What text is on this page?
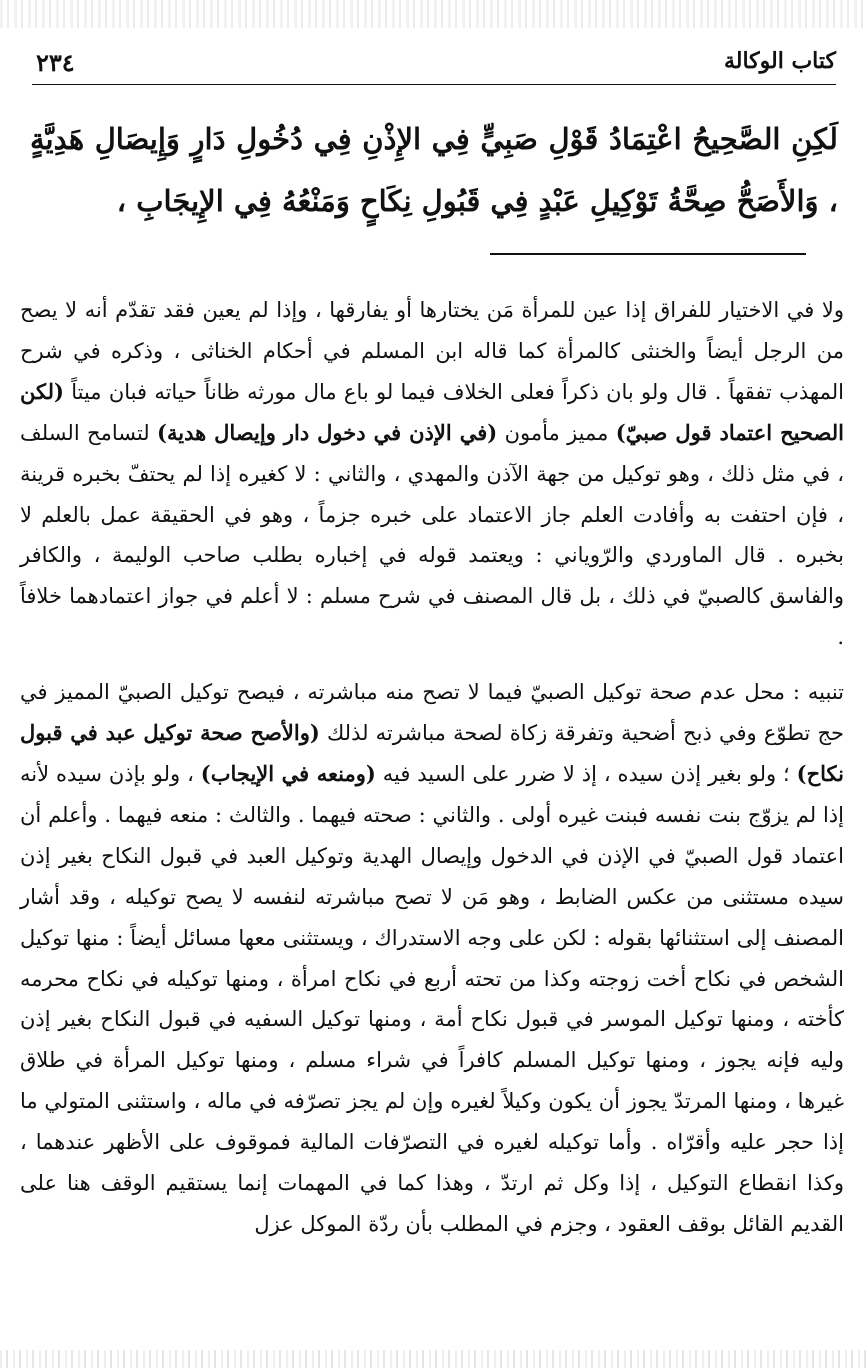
كتاب الوكالة
٢٣٤
لَكِنِ الصَّحِيحُ اعْتِمَادُ قَوْلِ صَبِيٍّ فِي الإِذْنِ فِي دُخُولِ دَارٍ وَإِيصَالِ هَدِيَّةٍ ، وَالأَصَحُّ صِحَّةُ تَوْكِيلِ عَبْدٍ فِي قَبُولِ نِكَاحٍ وَمَنْعُهُ فِي الإِيجَابِ ،

ولا في الاختيار للفراق إذا عين للمرأة مَن يختارها أو يفارقها ، وإذا لم يعين فقد تقدّم أنه لا يصح من الرجل أيضاً والخنثى كالمرأة كما قاله ابن المسلم في أحكام الخناثى ، وذكره في شرح المهذب تفقهاً . قال ولو بان ذكراً فعلى الخلاف فيما لو باع مال مورثه ظاناً حياته فبان ميتاً (لكن الصحيح اعتماد قول صبيّ) مميز مأمون (في الإذن في دخول دار وإيصال هدية) لتسامح السلف ، في مثل ذلك ، وهو توكيل من جهة الآذن والمهدي ، والثاني : لا كغيره إذا لم يحتفّ بخبره قرينة ، فإن احتفت به وأفادت العلم جاز الاعتماد على خبره جزماً ، وهو في الحقيقة عمل بالعلم لا بخبره . قال الماوردي والرّوياني : ويعتمد قوله في إخباره بطلب صاحب الوليمة ، والكافر والفاسق كالصبيّ في ذلك ، بل قال المصنف في شرح مسلم : لا أعلم في جواز اعتمادهما خلافاً .

تنبيه : محل عدم صحة توكيل الصبيّ فيما لا تصح منه مباشرته ، فيصح توكيل الصبيّ المميز في حج تطوّع وفي ذبح أضحية وتفرقة زكاة لصحة مباشرته لذلك (والأصح صحة توكيل عبد في قبول نكاح) ؛ ولو بغير إذن سيده ، إذ لا ضرر على السيد فيه (ومنعه في الإيجاب) ، ولو بإذن سيده لأنه إذا لم يزوّج بنت نفسه فبنت غيره أولى . والثاني : صحته فيهما . والثالث : منعه فيهما . وأعلم أن اعتماد قول الصبيّ في الإذن في الدخول وإيصال الهدية وتوكيل العبد في قبول النكاح بغير إذن سيده مستثنى من عكس الضابط ، وهو مَن لا تصح مباشرته لنفسه لا يصح توكيله ، وقد أشار المصنف إلى استثنائها بقوله : لكن على وجه الاستدراك ، ويستثنى معها مسائل أيضاً : منها توكيل الشخص في نكاح أخت زوجته وكذا من تحته أربع في نكاح امرأة ، ومنها توكيله في نكاح محرمه كأخته ، ومنها توكيل الموسر في قبول نكاح أمة ، ومنها توكيل السفيه في قبول النكاح بغير إذن وليه فإنه يجوز ، ومنها توكيل المسلم كافراً في شراء مسلم ، ومنها توكيل المرأة في طلاق غيرها ، ومنها المرتدّ يجوز أن يكون وكيلاً لغيره وإن لم يجز تصرّفه في ماله ، واستثنى المتولي ما إذا حجر عليه وأقرّاه . وأما توكيله لغيره في التصرّفات المالية فموقوف على الأظهر عندهما ، وكذا انقطاع التوكيل ، إذا وكل ثم ارتدّ ، وهذا كما في المهمات إنما يستقيم الوقف هنا على القديم القائل بوقف العقود ، وجزم في المطلب بأن ردّة الموكل عزل
